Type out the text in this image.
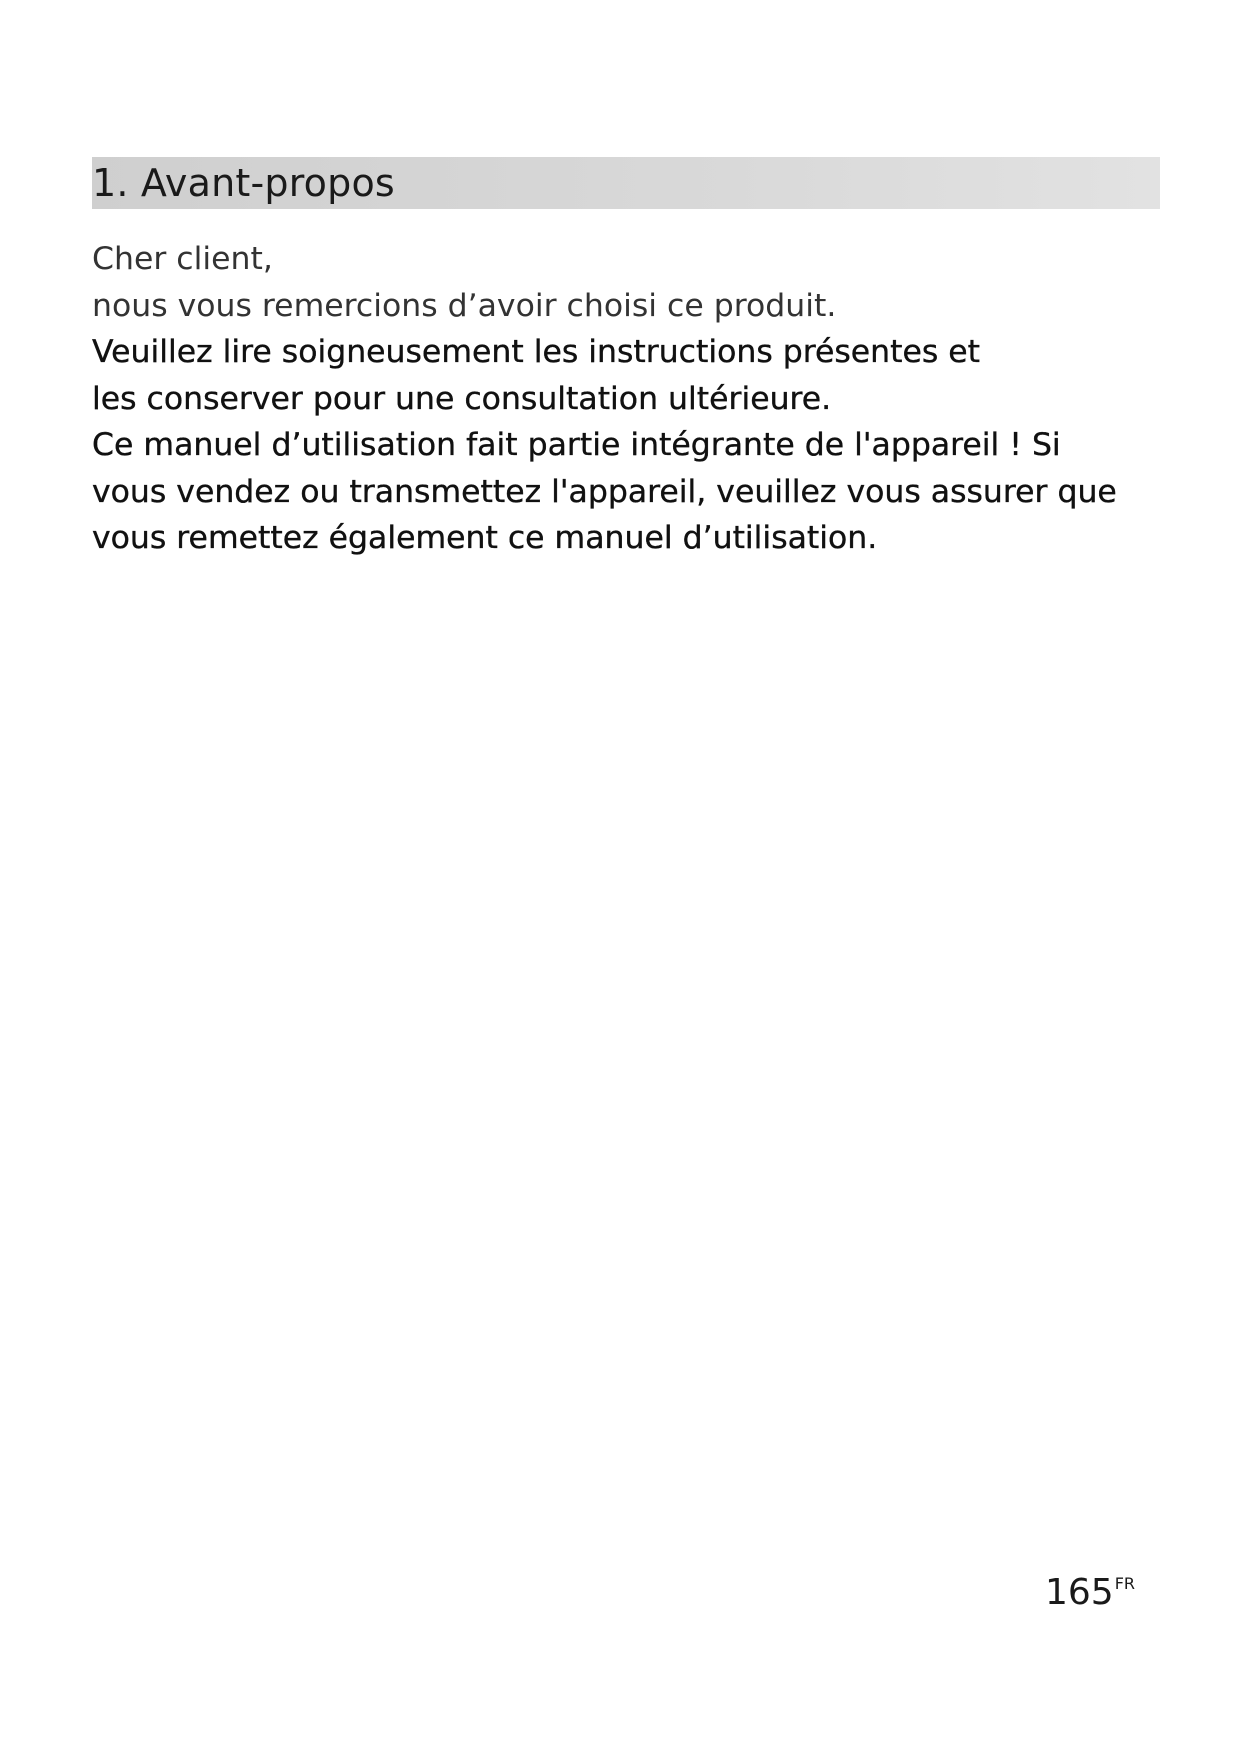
1. Avant-propos
Cher client,
nous vous remercions d’avoir choisi ce produit.
Veuillez lire soigneusement les instructions présentes et
les conserver pour une consultation ultérieure.
Ce manuel d’utilisation fait partie intégrante de l'appareil ! Si
vous vendez ou transmettez l'appareil, veuillez vous assurer que
vous remettez également ce manuel d’utilisation.
$165^{FR}$
